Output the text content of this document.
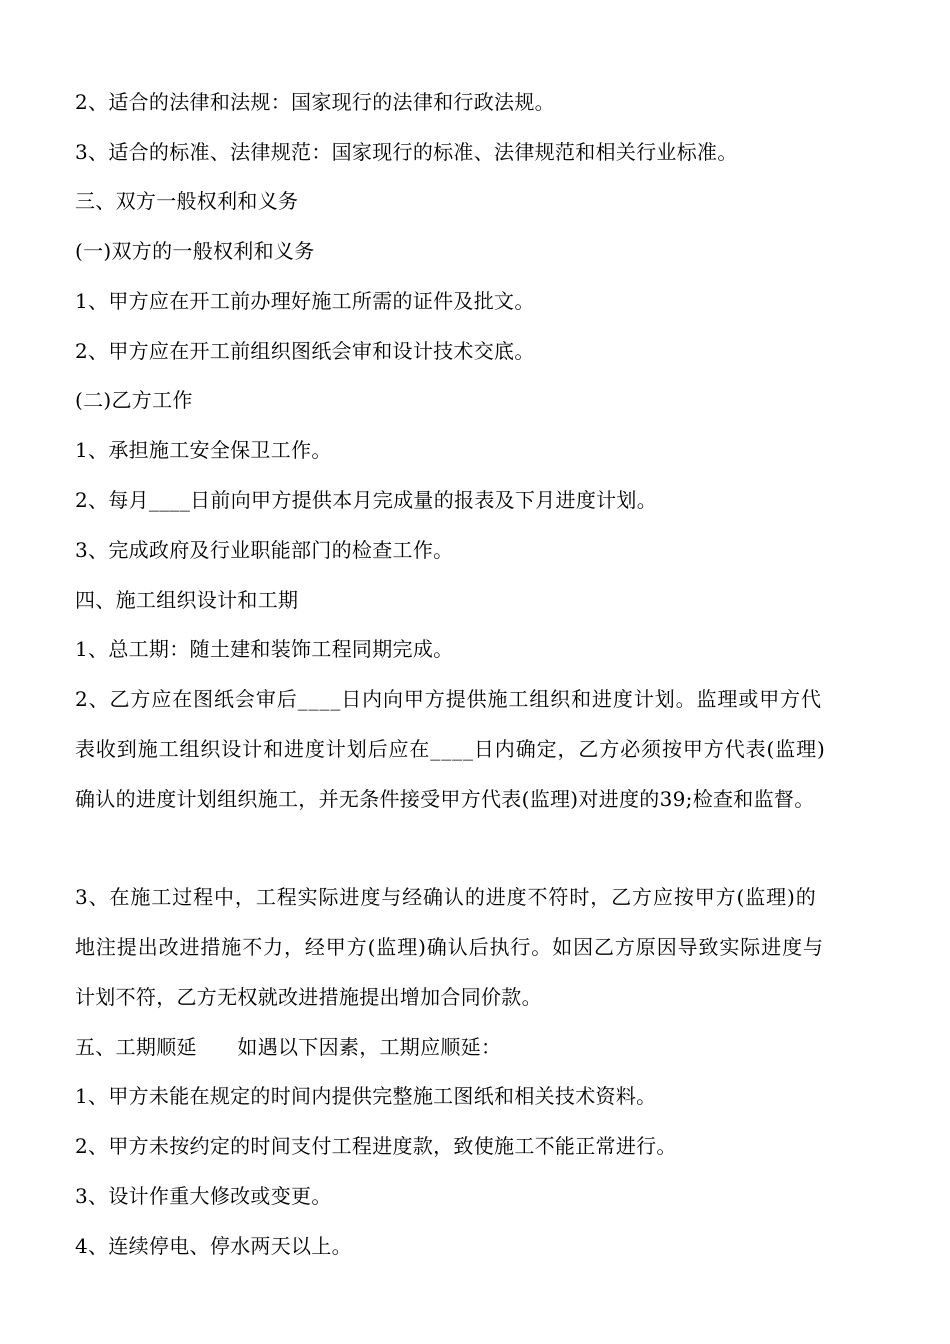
2、适合的法律和法规：国家现行的法律和行政法规。
3、适合的标准、法律规范：国家现行的标准、法律规范和相关行业标准。
三、双方一般权利和义务
(一)双方的一般权利和义务
1、甲方应在开工前办理好施工所需的证件及批文。
2、甲方应在开工前组织图纸会审和设计技术交底。
(二)乙方工作
1、承担施工安全保卫工作。
2、每月____日前向甲方提供本月完成量的报表及下月进度计划。
3、完成政府及行业职能部门的检查工作。
四、施工组织设计和工期
1、总工期：随土建和装饰工程同期完成。
2、乙方应在图纸会审后____日内向甲方提供施工组织和进度计划。监理或甲方代
表收到施工组织设计和进度计划后应在____日内确定，乙方必须按甲方代表(监理)
确认的进度计划组织施工，并无条件接受甲方代表(监理)对进度的39;检查和监督。
3、在施工过程中，工程实际进度与经确认的进度不符时，乙方应按甲方(监理)的
地注提出改进措施不力，经甲方(监理)确认后执行。如因乙方原因导致实际进度与
计划不符，乙方无权就改进措施提出增加合同价款。
五、工期顺延　　如遇以下因素，工期应顺延：
1、甲方未能在规定的时间内提供完整施工图纸和相关技术资料。
2、甲方未按约定的时间支付工程进度款，致使施工不能正常进行。
3、设计作重大修改或变更。
4、连续停电、停水两天以上。
